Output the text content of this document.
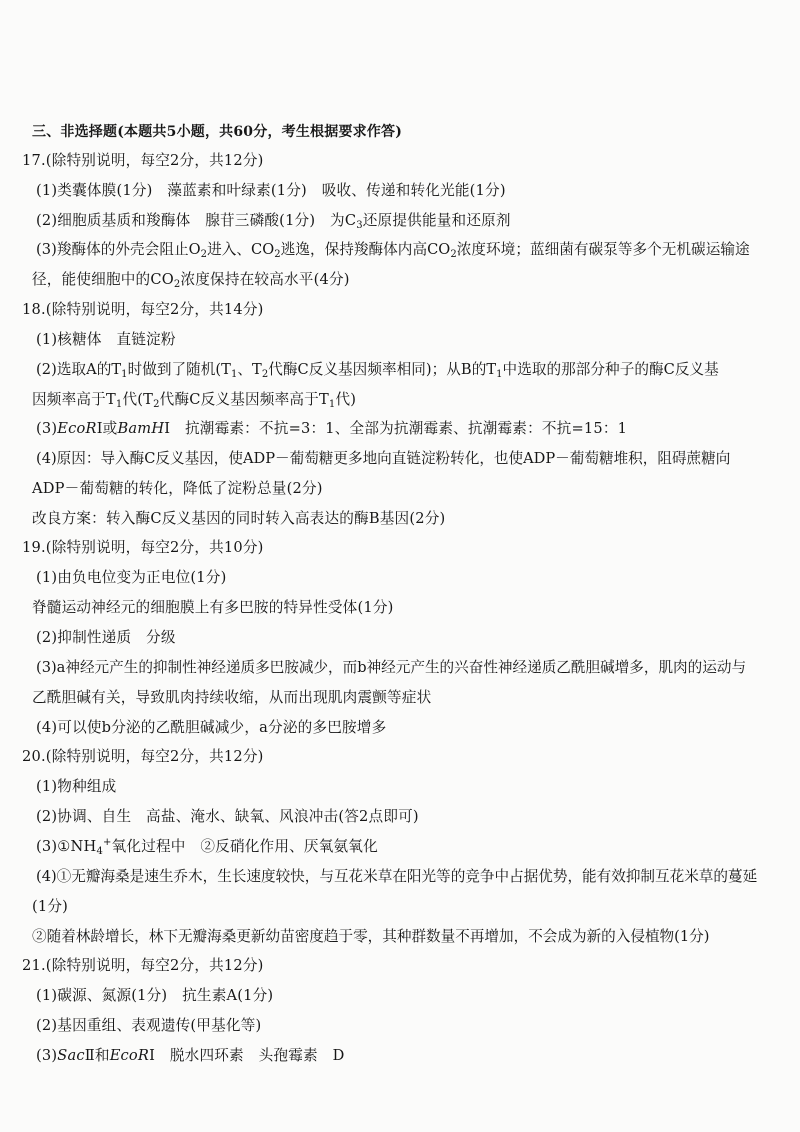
三、非选择题(本题共5小题，共60分，考生根据要求作答)
17.(除特别说明，每空2分，共12分)
(1)类囊体膜(1分)　藻蓝素和叶绿素(1分)　吸收、传递和转化光能(1分)
(2)细胞质基质和羧酶体　腺苷三磷酸(1分)　为$C_3$还原提供能量和还原剂
(3)羧酶体的外壳会阻止$O_2$进入、$CO_2$逃逸，保持羧酶体内高$CO_2$浓度环境；蓝细菌有碳泵等多个无机碳运输途
径，能使细胞中的$CO_2$浓度保持在较高水平(4分)
18.(除特别说明，每空2分，共14分)
(1)核糖体　直链淀粉
(2)选取A的$T_1$时做到了随机($T_1$、$T_2$代酶C反义基因频率相同)；从B的$T_1$中选取的那部分种子的酶C反义基
因频率高于$T_1$代($T_2$代酶C反义基因频率高于$T_1$代)
(3)EcoRⅠ或BamHⅠ　抗潮霉素：不抗=3：1、全部为抗潮霉素、抗潮霉素：不抗=15：1
(4)原因：导入酶C反义基因，使ADP－葡萄糖更多地向直链淀粉转化，也使ADP－葡萄糖堆积，阻碍蔗糖向
ADP－葡萄糖的转化，降低了淀粉总量(2分)
改良方案：转入酶C反义基因的同时转入高表达的酶B基因(2分)
19.(除特别说明，每空2分，共10分)
(1)由负电位变为正电位(1分)
脊髓运动神经元的细胞膜上有多巴胺的特异性受体(1分)
(2)抑制性递质　分级
(3)a神经元产生的抑制性神经递质多巴胺减少，而b神经元产生的兴奋性神经递质乙酰胆碱增多，肌肉的运动与
乙酰胆碱有关，导致肌肉持续收缩，从而出现肌肉震颤等症状
(4)可以使b分泌的乙酰胆碱减少，a分泌的多巴胺增多
20.(除特别说明，每空2分，共12分)
(1)物种组成
(2)协调、自生　高盐、淹水、缺氧、风浪冲击(答2点即可)
$(3)①NH_4^+$氧化过程中　②反硝化作用、厌氧氨氧化
(4)①无瓣海桑是速生乔木，生长速度较快，与互花米草在阳光等的竞争中占据优势，能有效抑制互花米草的蔓延
(1分)
②随着林龄增长，林下无瓣海桑更新幼苗密度趋于零，其种群数量不再增加，不会成为新的入侵植物(1分)
21.(除特别说明，每空2分，共12分)
(1)碳源、氮源(1分)　抗生素A(1分)
(2)基因重组、表观遗传(甲基化等)
(3)SacⅡ和EcoRⅠ　脱水四环素　头孢霉素　D
